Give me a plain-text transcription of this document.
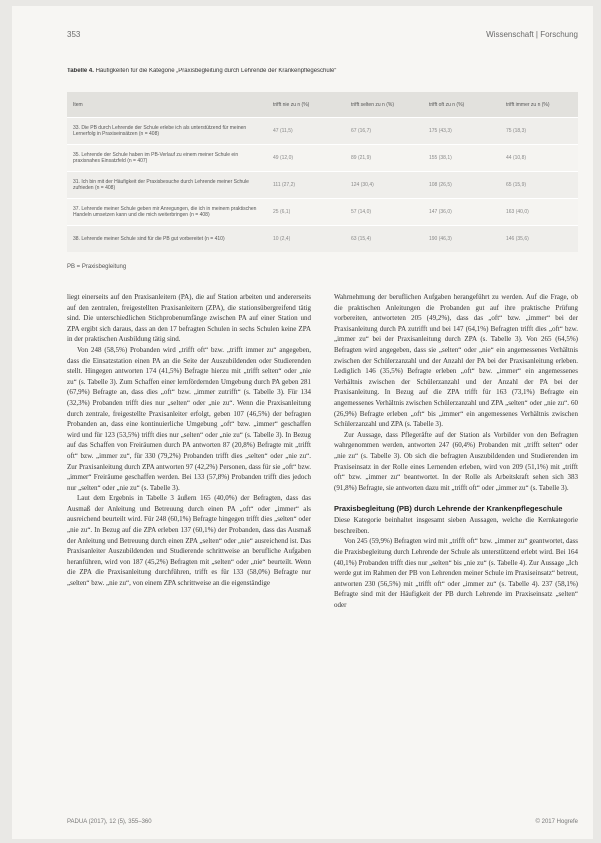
353	Wissenschaft | Forschung
Tabelle 4. Häufigkeiten für die Kategorie „Praxisbegleitung durch Lehrende der Krankenpflegeschule“
Item	trifft nie zu n (%)	trifft selten zu n (%)	trifft oft zu n (%)	trifft immer zu n (%)
33. Die PB durch Lehrende der Schule erlebe ich als unterstützend für meinen Lernerfolg in Praxiseinsätzen (n = 408)	47 (11,5)	67 (16,7)	175 (43,3)	75 (18,3)
35. Lehrende der Schule haben im PB-Verlauf zu einem meiner Schule ein praxisnahes Einsatzfeld (n = 407)	49 (12,0)	89 (21,9)	155 (38,1)	44 (10,8)
31. Ich bin mit der Häufigkeit der Praxisbesuche durch Lehrende meiner Schule zufrieden (n = 408)	111 (27,2)	124 (30,4)	108 (26,5)	65 (15,9)
37. Lehrende meiner Schule geben mir Anregungen, die ich in meinem praktischen Handeln umsetzen kann und die mich weiterbringen (n = 408)	25 (6,1)	57 (14,0)	147 (36,0)	163 (40,0)
38. Lehrende meiner Schule sind für die PB gut vorbereitet (n = 410)	10 (2,4)	63 (15,4)	190 (46,3)	146 (35,6)
PB = Praxisbegleitung

liegt einerseits auf den Praxisanleitern (PA), die auf Station arbeiten und andererseits auf den zentralen, freigestellten Praxisanleitern (ZPA), die stationsübergreifend tätig sind. Die unterschiedlichen Stichprobenumfänge zwischen PA auf einer Station und ZPA ergibt sich daraus, dass an den 17 befragten Schulen in sechs Schulen keine ZPA in der praktischen Ausbildung tätig sind.

Von 248 (58,5%) Probanden wird „trifft oft“ bzw. „trifft immer zu“ angegeben, dass die Einsatzstation einen PA an die Seite der Auszubildenden oder Studierenden stellt. Hingegen antworten 174 (41,5%) Befragte hierzu mit „trifft selten“ oder „nie zu“ (s. Tabelle 3). Zum Schaffen einer lernfördernden Umgebung durch PA geben 281 (67,9%) Befragte an, dass dies „oft“ bzw. „immer zutrifft“ (s. Tabelle 3). Für 134 (32,3%) Probanden trifft dies nur „selten“ oder „nie zu“. Wenn die Praxisanleitung durch zentrale, freigestellte Praxisanleiter erfolgt, geben 107 (46,5%) der befragten Probanden an, dass eine kontinuierliche Umgebung „oft“ bzw. „immer“ geschaffen wird und für 123 (53,5%) trifft dies nur „selten“ oder „nie zu“ (s. Tabelle 3). In Bezug auf das Schaffen von Freiräumen durch PA antworten 87 (20,8%) Befragte mit „trifft oft“ bzw. „immer zu“, für 330 (79,2%) Probanden trifft dies „selten“ oder „nie zu“. Zur Praxisanleitung durch ZPA antworten 97 (42,2%) Personen, dass für sie „oft“ bzw. „immer“ Freiräume geschaffen werden. Bei 133 (57,8%) Probanden trifft dies jedoch nur „selten“ oder „nie zu“ (s. Tabelle 3).

Laut dem Ergebnis in Tabelle 3 äußern 165 (40,0%) der Befragten, dass das Ausmaß der Anleitung und Betreuung durch einen PA „oft“ oder „immer“ als ausreichend beurteilt wird. Für 248 (60,1%) Befragte hingegen trifft dies „selten“ oder „nie zu“. In Bezug auf die ZPA erleben 137 (60,1%) der Probanden, dass das Ausmaß der Anleitung und Betreuung durch einen ZPA „selten“ oder „nie“ ausreichend ist. Das Praxisanleiter Auszubildenden und Studierende schrittweise an berufliche Aufgaben heranführen, wird von 187 (45,2%) Befragten mit „selten“ oder „nie“ beurteilt. Wenn die ZPA die Praxisanleitung durchführen, trifft es für 133 (58,0%) Befragte nur „selten“ bzw. „nie zu“, von einem ZPA schrittweise an die eigenständige

Wahrnehmung der beruflichen Aufgaben herangeführt zu werden. Auf die Frage, ob die praktischen Anleitungen die Probanden gut auf ihre praktische Prüfung vorbereiten, antworteten 205 (49,2%), dass das „oft“ bzw. „immer“ bei der Praxisanleitung durch PA zutrifft und bei 147 (64,1%) Befragten trifft dies „oft“ bzw. „immer zu“ bei der Praxisanleitung durch ZPA (s. Tabelle 3). Von 265 (64,5%) Befragten wird angegeben, dass sie „selten“ oder „nie“ ein angemessenes Verhältnis zwischen der Schülerzanzahl und der Anzahl der PA bei der Praxisanleitung erleben. Lediglich 146 (35,5%) Befragte erleben „oft“ bzw. „immer“ ein angemessenes Verhältnis zwischen der Schülerzanzahl und der Anzahl der PA bei der Praxisanleitung. In Bezug auf die ZPA trifft für 163 (73,1%) Befragte ein angemessenes Verhältnis zwischen Schülerzanzahl und ZPA „selten“ oder „nie zu“. 60 (26,9%) Befragte erleben „oft“ bis „immer“ ein angemessenes Verhältnis zwischen Schülerzanzahl und ZPA (s. Tabelle 3).

Zur Aussage, dass Pflegeräfte auf der Station als Vorbilder von den Befragten wahrgenommen werden, antworten 247 (60,4%) Probanden mit „trifft selten“ oder „nie zu“ (s. Tabelle 3). Ob sich die befragten Auszubildenden und Studierenden im Praxiseinsatz in der Rolle eines Lernenden erleben, wird von 209 (51,1%) mit „trifft oft“ bzw. „immer zu“ beantwortet. In der Rolle als Arbeitskraft sehen sich 383 (91,8%) Befragte, sie antworten dazu mit „trifft oft“ oder „immer zu“ (s. Tabelle 3).

Praxisbegleitung (PB) durch Lehrende der Krankenpflegeschule

Diese Kategorie beinhaltet insgesamt sieben Aussagen, welche die Kernkategorie beschreiben.

Von 245 (59,9%) Befragten wird mit „trifft oft“ bzw. „immer zu“ geantwortet, dass die Praxisbegleitung durch Lehrende der Schule als unterstützend erlebt wird. Bei 164 (40,1%) Probanden trifft dies nur „selten“ bis „nie zu“ (s. Tabelle 4). Zur Aussage „Ich werde gut im Rahmen der PB von Lehrenden meiner Schule im Praxiseinsatz“ betreut, antworten 230 (56,5%) mit „trifft oft“ oder „immer zu“ (s. Tabelle 4). 237 (58,1%) Befragte sind mit der Häufigkeit der PB durch Lehrende im Praxiseinsatz „selten“ oder

PADUA (2017), 12 (5), 355–360	© 2017 Hogrefe
